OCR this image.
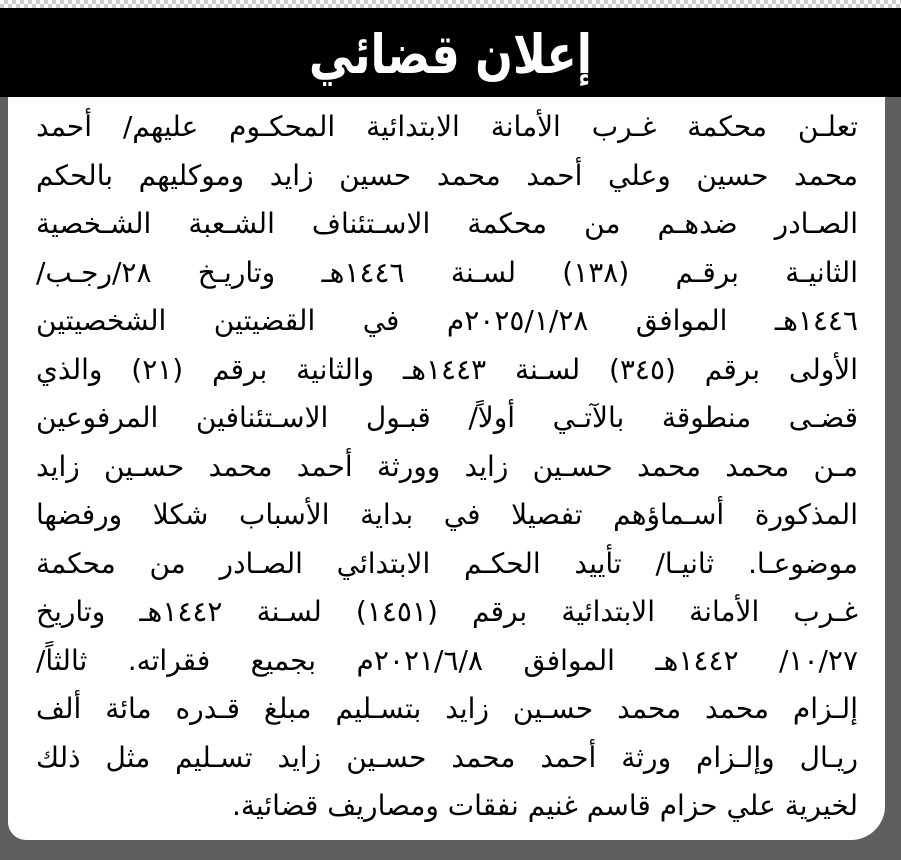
إعلان قضائي
تعلـن محكمة غـرب الأمانة الابتدائية المحكـوم عليهم/ أحمد
محمد حسين وعلي أحمد محمد حسين زايد وموكليهم بالحكم
الصـادر ضدهـم من محكمة الاسـتئناف الشـعبة الشـخصية
الثانيـة برقـم (١٣٨) لسـنة ١٤٤٦هـ وتاريـخ ٢٨/رجـب/
١٤٤٦هـ الموافق ٢٠٢٥/١/٢٨م في القضيتين الشخصيتين
الأولى برقم (٣٤٥) لسـنة ١٤٤٣هـ والثانية برقم (٢١) والذي
قضـى منطوقة بالآتـي أولاً/ قبـول الاسـتئنافين المرفوعين
مـن محمد محمد حسـين زايد وورثة أحمد محمد حسـين زايد
المذكورة أسـماؤهم تفصيلا في بداية الأسباب شكلا ورفضها
موضوعـا. ثانيـا/ تأييد الحكـم الابتدائي الصـادر من محكمة
غـرب الأمانة الابتدائية برقم (١٤٥١) لسـنة ١٤٤٢هـ وتاريخ
١٠/٢٧/ ١٤٤٢هـ الموافق ٢٠٢١/٦/٨م بجميع فقراته. ثالثاً/
إلـزام محمد محمد حسـين زايد بتسـليم مبلغ قـدره مائة ألف
ريـال وإلـزام ورثة أحمد محمد حسـين زايد تسـليم مثل ذلك
لخيرية علي حزام قاسم غنيم نفقات ومصاريف قضائية.
